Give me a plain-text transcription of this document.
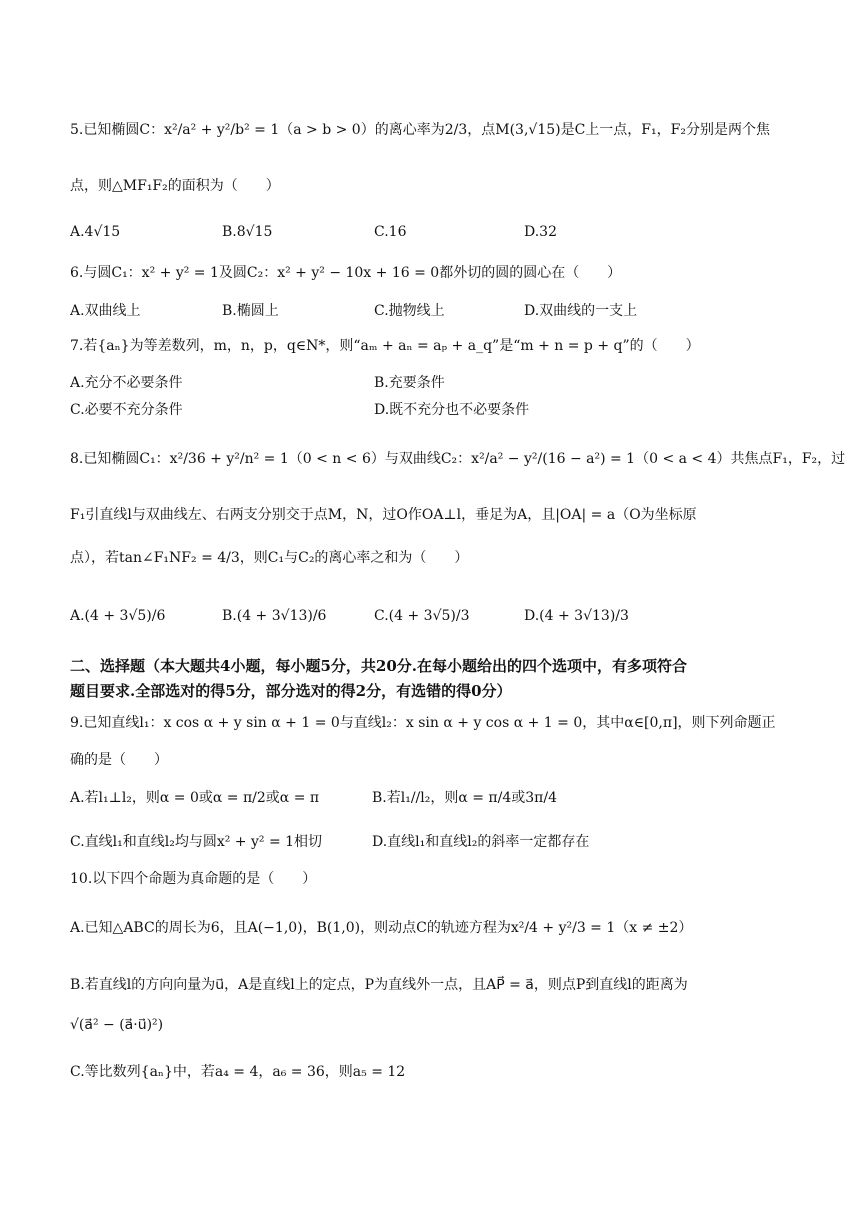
5.已知椭圆C：x²/a² + y²/b² = 1（a > b > 0）的离心率为2/3，点M(3,√15)是C上一点，F₁，F₂分别是两个焦
点，则△MF₁F₂的面积为（　　）
A.4√15	B.8√15	C.16	D.32
6.与圆C₁：x² + y² = 1及圆C₂：x² + y² − 10x + 16 = 0都外切的圆的圆心在（　　）
A.双曲线上	B.椭圆上	C.抛物线上	D.双曲线的一支上
7.若{aₙ}为等差数列，m，n，p，q∈N*，则“aₘ + aₙ = aₚ + a_q”是“m + n = p + q”的（　　）
A.充分不必要条件	B.充要条件
C.必要不充分条件	D.既不充分也不必要条件
8.已知椭圆C₁：x²/36 + y²/n² = 1（0 < n < 6）与双曲线C₂：x²/a² − y²/(16 − a²) = 1（0 < a < 4）共焦点F₁，F₂，过
F₁引直线l与双曲线左、右两支分别交于点M，N，过O作OA⊥l，垂足为A，且|OA| = a（O为坐标原
点），若tan∠F₁NF₂ = 4/3，则C₁与C₂的离心率之和为（　　）
A.(4 + 3√5)/6	B.(4 + 3√13)/6	C.(4 + 3√5)/3	D.(4 + 3√13)/3
二、选择题（本大题共4小题，每小题5分，共20分.在每小题给出的四个选项中，有多项符合
题目要求.全部选对的得5分，部分选对的得2分，有选错的得0分）
9.已知直线l₁：x cos α + y sin α + 1 = 0与直线l₂：x sin α + y cos α + 1 = 0，其中α∈[0,π]，则下列命题正
确的是（　　）
A.若l₁⊥l₂，则α = 0或α = π/2或α = π	B.若l₁//l₂，则α = π/4或3π/4
C.直线l₁和直线l₂均与圆x² + y² = 1相切	D.直线l₁和直线l₂的斜率一定都存在
10.以下四个命题为真命题的是（　　）
A.已知△ABC的周长为6，且A(−1,0)，B(1,0)，则动点C的轨迹方程为x²/4 + y²/3 = 1（x ≠ ±2）
B.若直线l的方向向量为u⃗，A是直线l上的定点，P为直线外一点，且AP⃗ = a⃗，则点P到直线l的距离为
√(a⃗² − (a⃗·u⃗)²)
C.等比数列{aₙ}中，若a₄ = 4，a₆ = 36，则a₅ = 12
